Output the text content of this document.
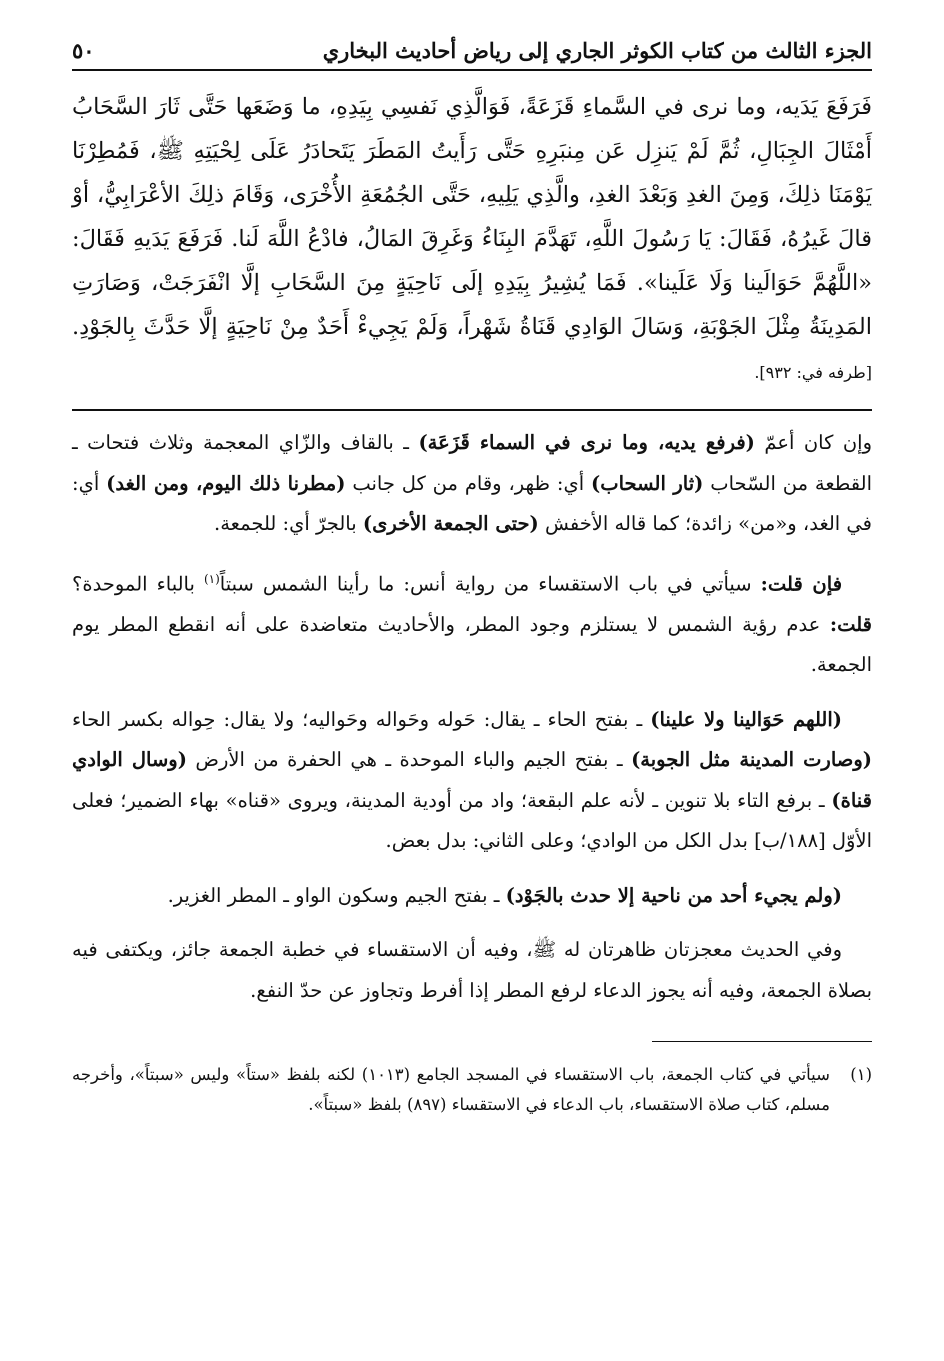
الجزء الثالث من كتاب الكوثر الجاري إلى رياض أحاديث البخاري
٥٠
فَرَفَعَ يَدَيه، وما نرى في السَّماءِ قَزَعَةً، فَوَالَّذِي نَفسِي بِيَدِهِ، ما وَضَعَها حَتَّى ثَارَ السَّحَابُ أَمْثَالَ الجِبَالِ، ثُمَّ لَمْ يَنزِل عَن مِنبَرِهِ حَتَّى رَأَيتُ المَطَرَ يَتَحادَرُ عَلَى لِحْيَتِهِ ﷺ، فَمُطِرْنَا يَوْمَنَا ذلِكَ، وَمِنَ الغدِ وَبَعْدَ الغدِ، والَّذِي يَلِيهِ، حَتَّى الجُمُعَةِ الأُخْرَى، وَقَامَ ذلِكَ الأعْرَابِيُّ، أوْ قالَ غَيرُهُ، فَقَالَ: يَا رَسُولَ اللَّهِ، تَهَدَّمَ البِنَاءُ وَغَرِقَ المَالُ، فادْعُ اللَّهَ لَنا. فَرَفَعَ يَدَيهِ فَقَالَ: «اللَّهُمَّ حَوَالَينا وَلَا عَلَينا». فَمَا يُشِيرُ بِيَدِهِ إلَى نَاحِيَةٍ مِنَ السَّحَابِ إلَّا انْفَرَجَتْ، وَصَارَتِ المَدِينَةُ مِثْلَ الجَوْبَةِ، وَسَالَ الوَادِي قَنَاةُ شَهْراً، وَلَمْ يَجِيءْ أَحَدٌ مِنْ نَاحِيَةٍ إلَّا حَدَّثَ بِالجَوْدِ. [طرفه في: ٩٣٢].

وإن كان أعمّ (فرفع يديه، وما نرى في السماء قَزَعَة) ـ بالقاف والزّاي المعجمة وثلاث فتحات ـ القطعة من السّحاب (ثار السحاب) أي: ظهر، وقام من كل جانب (مطرنا ذلك اليوم، ومن الغد) أي: في الغد، و«من» زائدة؛ كما قاله الأخفش (حتى الجمعة الأخرى) بالجرّ أي: للجمعة.

فإن قلت: سيأتي في باب الاستقساء من رواية أنس: ما رأينا الشمس سبتاً$^{(١)}$ بالباء الموحدة؟ قلت: عدم رؤية الشمس لا يستلزم وجود المطر، والأحاديث متعاضدة على أنه انقطع المطر يوم الجمعة.

(اللهم حَوَالينا ولا علينا) ـ بفتح الحاء ـ يقال: حَوله وحَواله وحَواليه؛ ولا يقال: حِواله بكسر الحاء (وصارت المدينة مثل الجوبة) ـ بفتح الجيم والباء الموحدة ـ هي الحفرة من الأرض (وسال الوادي قناة) ـ برفع التاء بلا تنوين ـ لأنه علم البقعة؛ واد من أودية المدينة، ويروى «قناه» بهاء الضمير؛ فعلى الأوّل [١٨٨/ب] بدل الكل من الوادي؛ وعلى الثاني: بدل بعض.

(ولم يجيء أحد من ناحية إلا حدث بالجَوْد) ـ بفتح الجيم وسكون الواو ـ المطر الغزير.

وفي الحديث معجزتان ظاهرتان له ﷺ، وفيه أن الاستقساء في خطبة الجمعة جائز، ويكتفى فيه بصلاة الجمعة، وفيه أنه يجوز الدعاء لرفع المطر إذا أفرط وتجاوز عن حدّ النفع.

(١)
سيأتي في كتاب الجمعة، باب الاستقساء في المسجد الجامع (١٠١٣) لكنه بلفظ «ستاً» وليس «سبتاً»، وأخرجه مسلم، كتاب صلاة الاستقساء، باب الدعاء في الاستقساء (٨٩٧) بلفظ «سبتاً».
